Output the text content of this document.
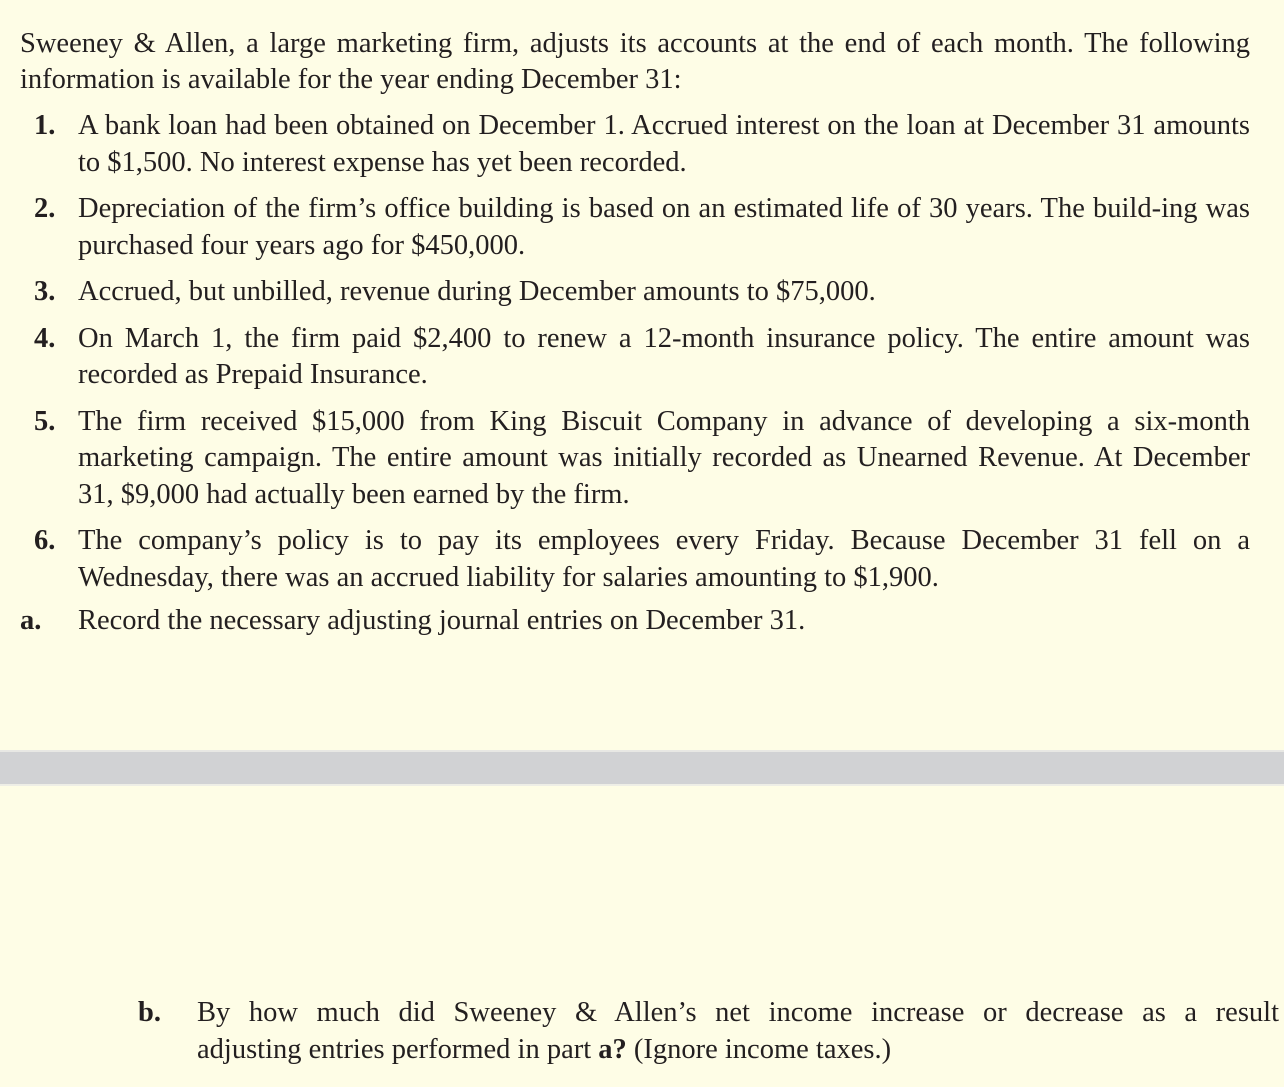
Sweeney & Allen, a large marketing firm, adjusts its accounts at the end of each month. The following information is available for the year ending December 31:
1. A bank loan had been obtained on December 1. Accrued interest on the loan at December 31 amounts to $1,500. No interest expense has yet been recorded.
2. Depreciation of the firm’s office building is based on an estimated life of 30 years. The build-ing was purchased four years ago for $450,000.
3. Accrued, but unbilled, revenue during December amounts to $75,000.
4. On March 1, the firm paid $2,400 to renew a 12-month insurance policy. The entire amount was recorded as Prepaid Insurance.
5. The firm received $15,000 from King Biscuit Company in advance of developing a six-month marketing campaign. The entire amount was initially recorded as Unearned Revenue. At December 31, $9,000 had actually been earned by the firm.
6. The company’s policy is to pay its employees every Friday. Because December 31 fell on a Wednesday, there was an accrued liability for salaries amounting to $1,900.
a. Record the necessary adjusting journal entries on December 31.
b. By how much did Sweeney & Allen’s net income increase or decrease as a result
adjusting entries performed in part a? (Ignore income taxes.)
